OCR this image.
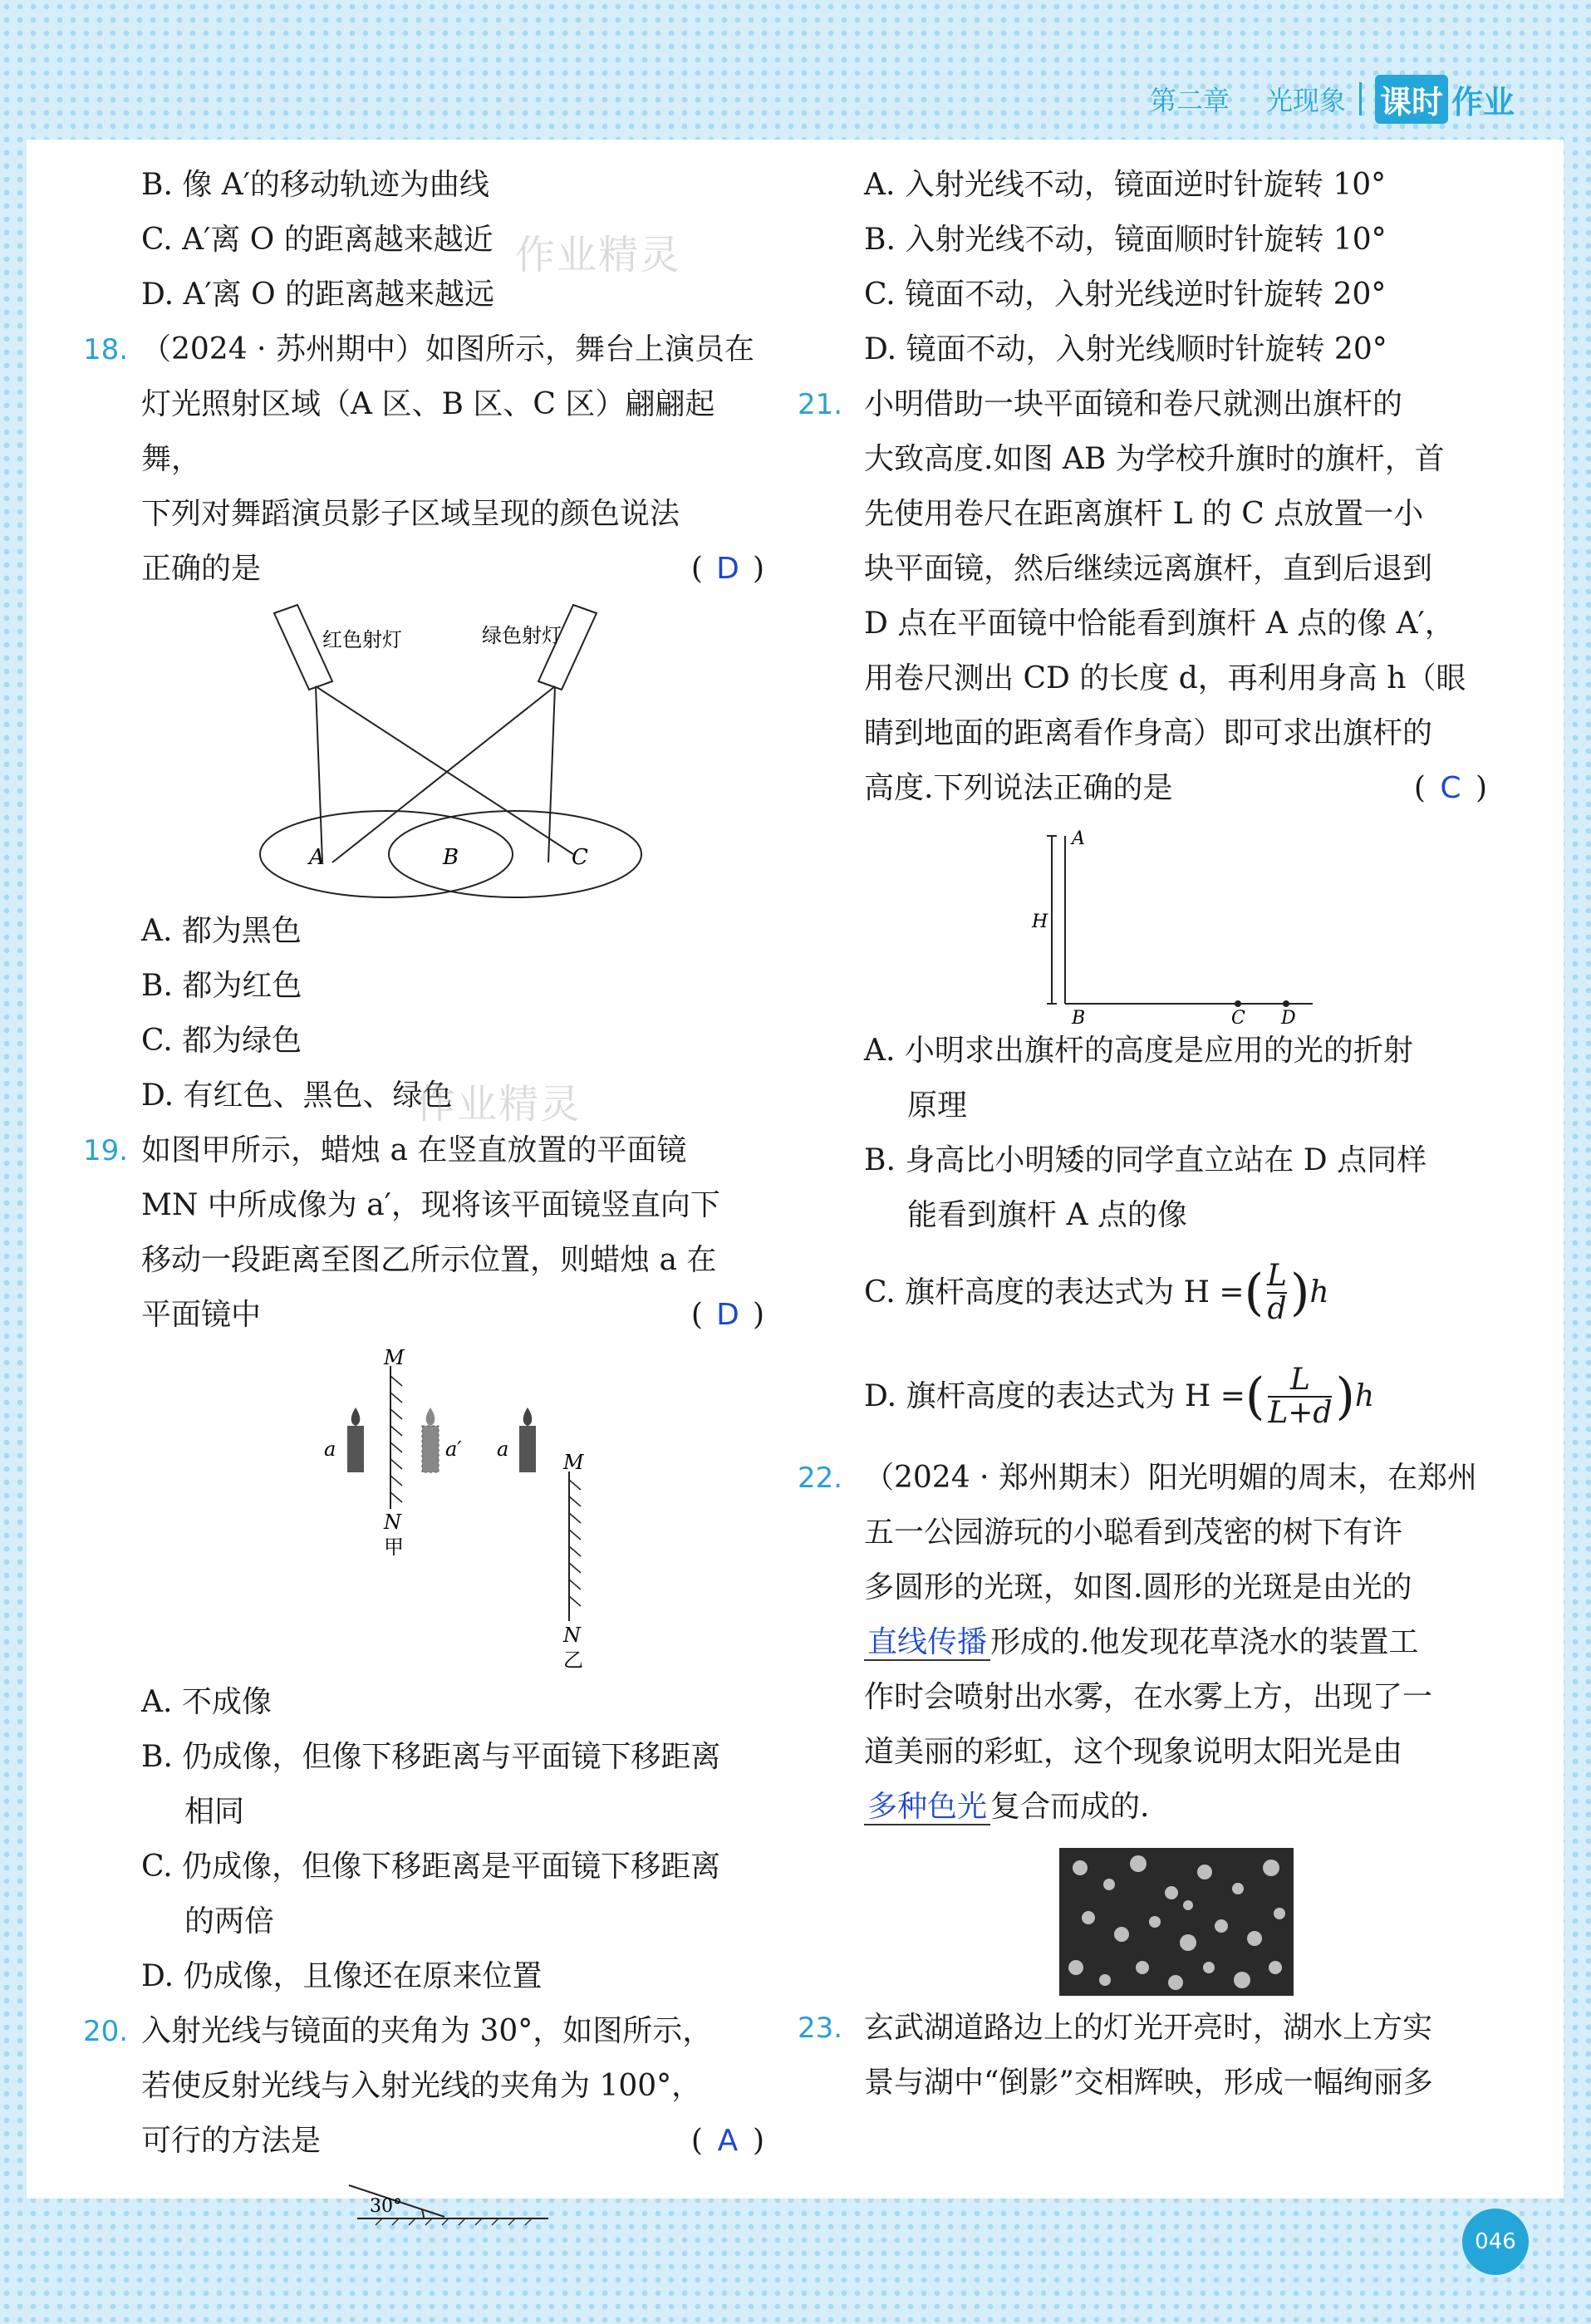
第二章 光现象 课时 作业
B. 像 A′的移动轨迹为曲线
C. A′离 O 的距离越来越近
D. A′离 O 的距离越来越远
18. （2024 · 苏州期中）如图所示，舞台上演员在
灯光照射区域（A 区、B 区、C 区）翩翩起舞，
下列对舞蹈演员影子区域呈现的颜色说法
正确的是	( D )
红色射灯	绿色射灯
A	B	C
A. 都为黑色
B. 都为红色
C. 都为绿色
D. 有红色、黑色、绿色
19. 如图甲所示，蜡烛 a 在竖直放置的平面镜
MN 中所成像为 a′，现将该平面镜竖直向下
移动一段距离至图乙所示位置，则蜡烛 a 在
平面镜中	( D )
M
N
甲
a	a′ a
M
N
乙
A. 不成像
B. 仍成像，但像下移距离与平面镜下移距离
相同
C. 仍成像，但像下移距离是平面镜下移距离
的两倍
D. 仍成像，且像还在原来位置
20. 入射光线与镜面的夹角为 30°，如图所示，
若使反射光线与入射光线的夹角为 100°，
可行的方法是	( A )
30°
A. 入射光线不动，镜面逆时针旋转 10°
B. 入射光线不动，镜面顺时针旋转 10°
C. 镜面不动，入射光线逆时针旋转 20°
D. 镜面不动，入射光线顺时针旋转 20°
21. 小明借助一块平面镜和卷尺就测出旗杆的
大致高度.如图 AB 为学校升旗时的旗杆，首
先使用卷尺在距离旗杆 L 的 C 点放置一小
块平面镜，然后继续远离旗杆，直到后退到
D 点在平面镜中恰能看到旗杆 A 点的像 A′，
用卷尺测出 CD 的长度 d，再利用身高 h（眼
睛到地面的距离看作身高）即可求出旗杆的
高度.下列说法正确的是	( C )
A
H
B	C D
A. 小明求出旗杆的高度是应用的光的折射
原理
B. 身高比小明矮的同学直立站在 D 点同样
能看到旗杆 A 点的像
C. 旗杆高度的表达式为 H = ( $\frac{L}{d}$ ) h
D. 旗杆高度的表达式为 H = ( $\frac{L}{L+d}$ ) h
22. （2024 · 郑州期末）阳光明媚的周末，在郑州
五一公园游玩的小聪看到茂密的树下有许
多圆形的光斑，如图.圆形的光斑是由光的
直线传播 形成的.他发现花草浇水的装置工
作时会喷射出水雾，在水雾上方，出现了一
道美丽的彩虹，这个现象说明太阳光是由
多种色光 复合而成的.
23. 玄武湖道路边上的灯光开亮时，湖水上方实
景与湖中“倒影”交相辉映，形成一幅绚丽多
作业精灵
作业精灵
046
